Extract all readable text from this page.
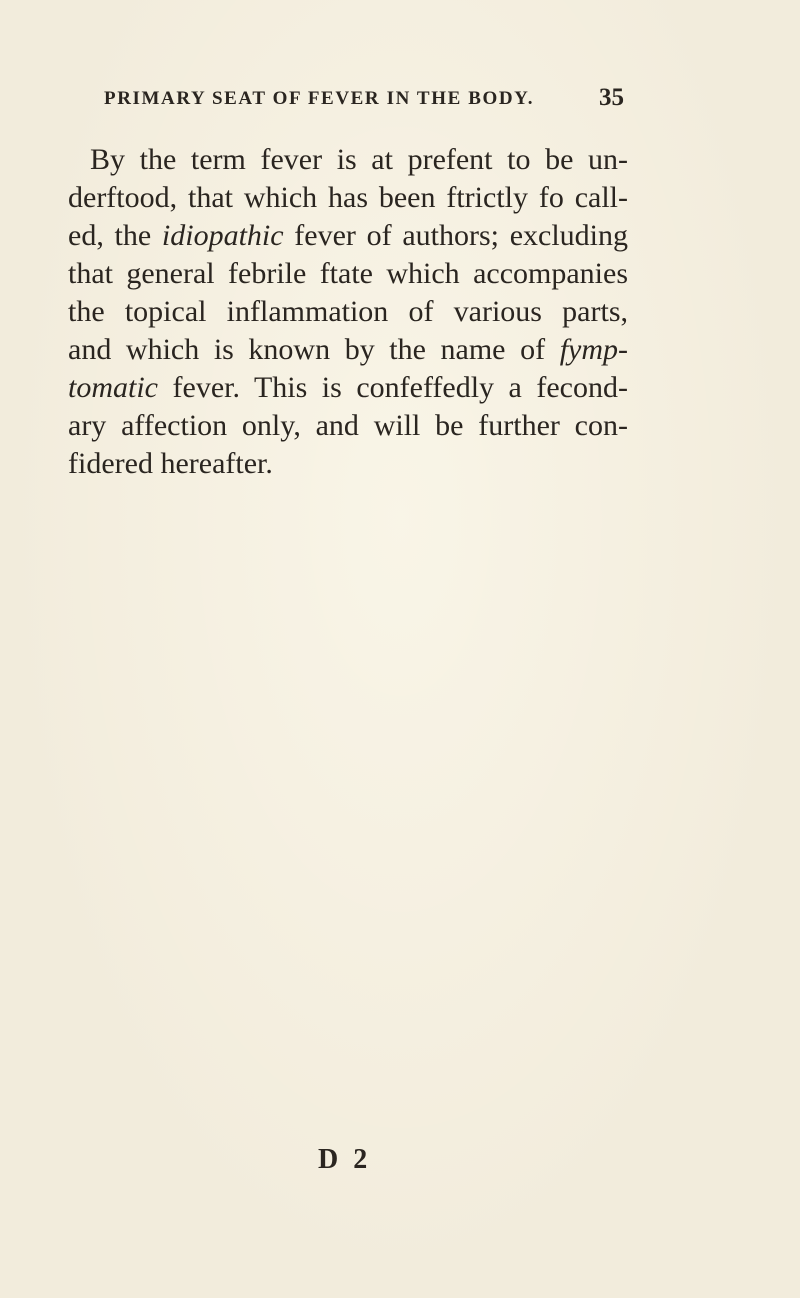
PRIMARY SEAT OF FEVER IN THE BODY.	35
By the term fever is at prefent to be un-
derftood, that which has been ftrictly fo call-
ed, the idiopathic fever of authors; excluding
that general febrile ftate which accompanies
the topical inflammation of various parts,
and which is known by the name of fymp-
tomatic fever. This is confeffedly a fecond-
ary affection only, and will be further con-
fidered hereafter.
D 2
